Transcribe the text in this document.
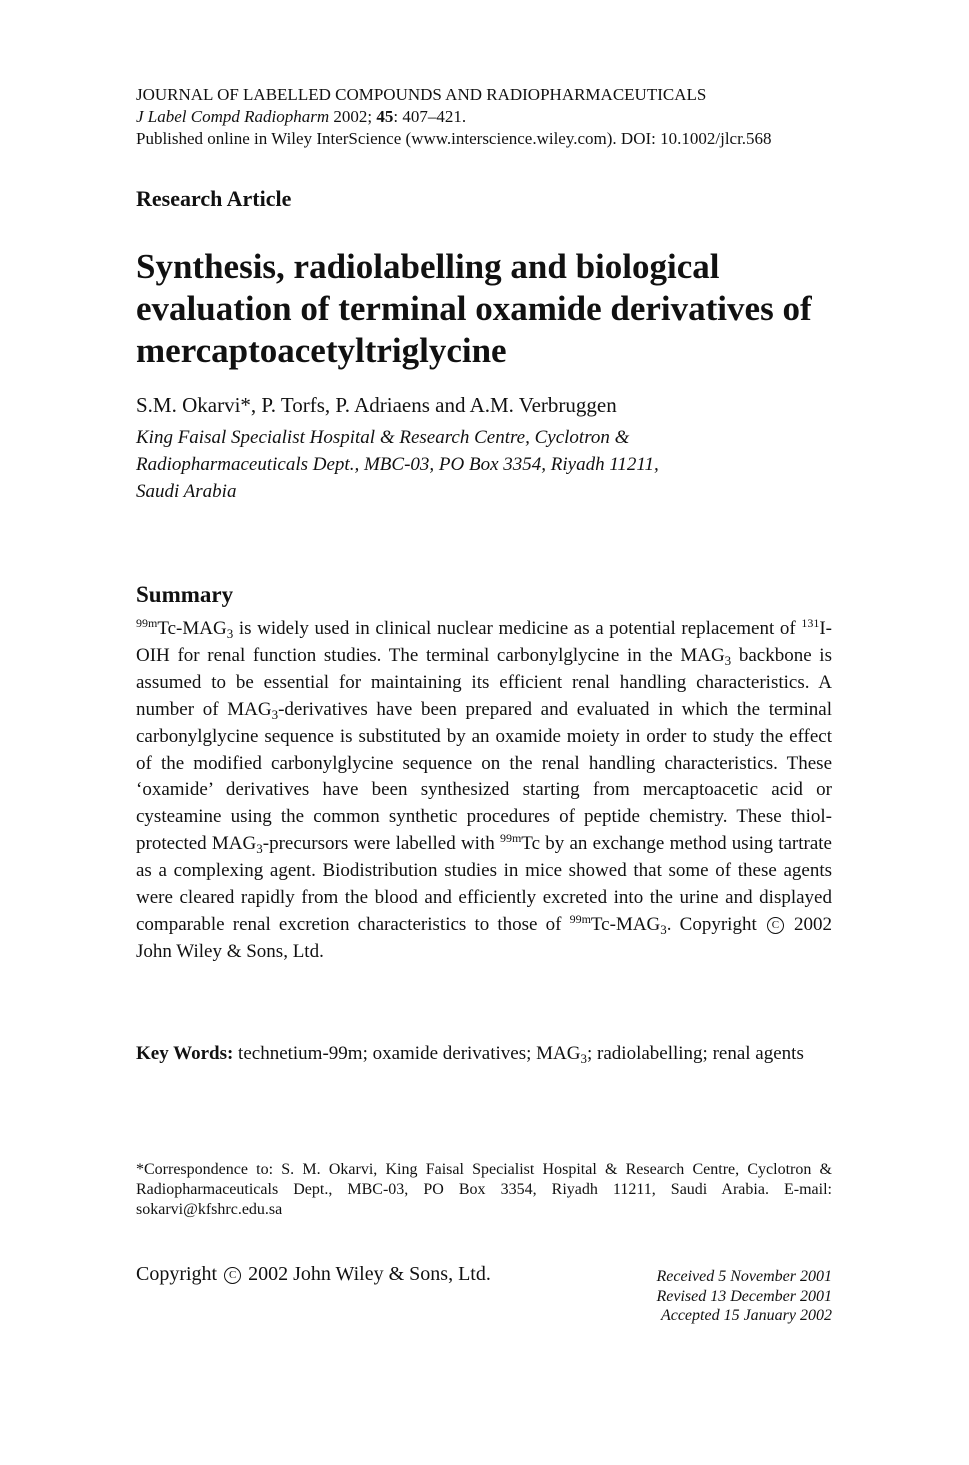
JOURNAL OF LABELLED COMPOUNDS AND RADIOPHARMACEUTICALS
J Label Compd Radiopharm 2002; 45: 407–421.
Published online in Wiley InterScience (www.interscience.wiley.com). DOI: 10.1002/jlcr.568
Research Article
Synthesis, radiolabelling and biological
evaluation of terminal oxamide derivatives of
mercaptoacetyltriglycine
S.M. Okarvi*, P. Torfs, P. Adriaens and A.M. Verbruggen
King Faisal Specialist Hospital & Research Centre, Cyclotron &
Radiopharmaceuticals Dept., MBC-03, PO Box 3354, Riyadh 11211,
Saudi Arabia
Summary

$^{99m}Tc-MAG_3$ is widely used in clinical nuclear medicine as a potential replacement of $^{131}$I-OIH for renal function studies. The terminal carbonylglycine in the $MAG_3$ backbone is assumed to be essential for maintaining its efficient renal handling characteristics. A number of $MAG_3$-derivatives have been prepared and evaluated in which the terminal carbonylglycine sequence is substituted by an oxamide moiety in order to study the effect of the modified carbonylglycine sequence on the renal handling characteristics. These ‘oxamide’ derivatives have been synthesized starting from mercaptoacetic acid or cysteamine using the common synthetic procedures of peptide chemistry. These thiol-protected $MAG_3$-precursors were labelled with $^{99m}$Tc by an exchange method using tartrate as a complexing agent. Biodistribution studies in mice showed that some of these agents were cleared rapidly from the blood and efficiently excreted into the urine and displayed comparable renal excretion characteristics to those of $^{99m}Tc-MAG_3$. Copyright C 2002 John Wiley & Sons, Ltd.

Key Words: technetium-99m; oxamide derivatives; $MAG_3$; radiolabelling; renal agents
*Correspondence to: S. M. Okarvi, King Faisal Specialist Hospital & Research Centre, Cyclotron & Radiopharmaceuticals Dept., MBC-03, PO Box 3354, Riyadh 11211, Saudi Arabia. E-mail: sokarvi@kfshrc.edu.sa
Copyright C 2002 John Wiley & Sons, Ltd.	Received 5 November 2001
Revised 13 December 2001
Accepted 15 January 2002
